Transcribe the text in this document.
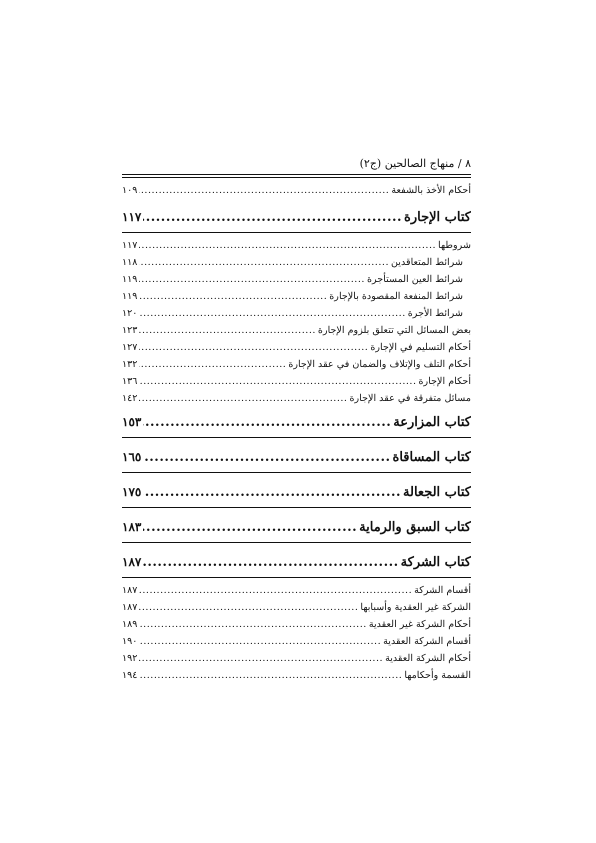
٨ / منهاج الصالحين (ج٢)
أحكام الأخذ بالشفعة
.....
١٠٩
كتاب الإجارة
.....
١١٧
شروطها
.....
١١٧
شرائط المتعاقدين
.....
١١٨
شرائط العين المستأجرة
.....
١١٩
شرائط المنفعة المقصودة بالإجارة
.....
١١٩
شرائط الأجرة
.....
١٢٠
بعض المسائل التي تتعلق بلزوم الإجارة
.....
١٢٣
أحكام التسليم في الإجارة
.....
١٢٧
أحكام التلف والإتلاف والضمان في عقد الإجارة
.....
١٣٢
أحكام الإجارة
.....
١٣٦
مسائل متفرقة في عقد الإجارة
.....
١٤٢
كتاب المزارعة
.....
١٥٣
كتاب المساقاة
.....
١٦٥
كتاب الجعالة
.....
١٧٥
كتاب السبق والرماية
.....
١٨٣
كتاب الشركة
.....
١٨٧
أقسام الشركة
.....
١٨٧
الشركة غير العقدية وأسبابها
.....
١٨٧
أحكام الشركة غير العقدية
.....
١٨٩
أقسام الشركة العقدية
.....
١٩٠
أحكام الشركة العقدية
.....
١٩٢
القسمة وأحكامها
.....
١٩٤
